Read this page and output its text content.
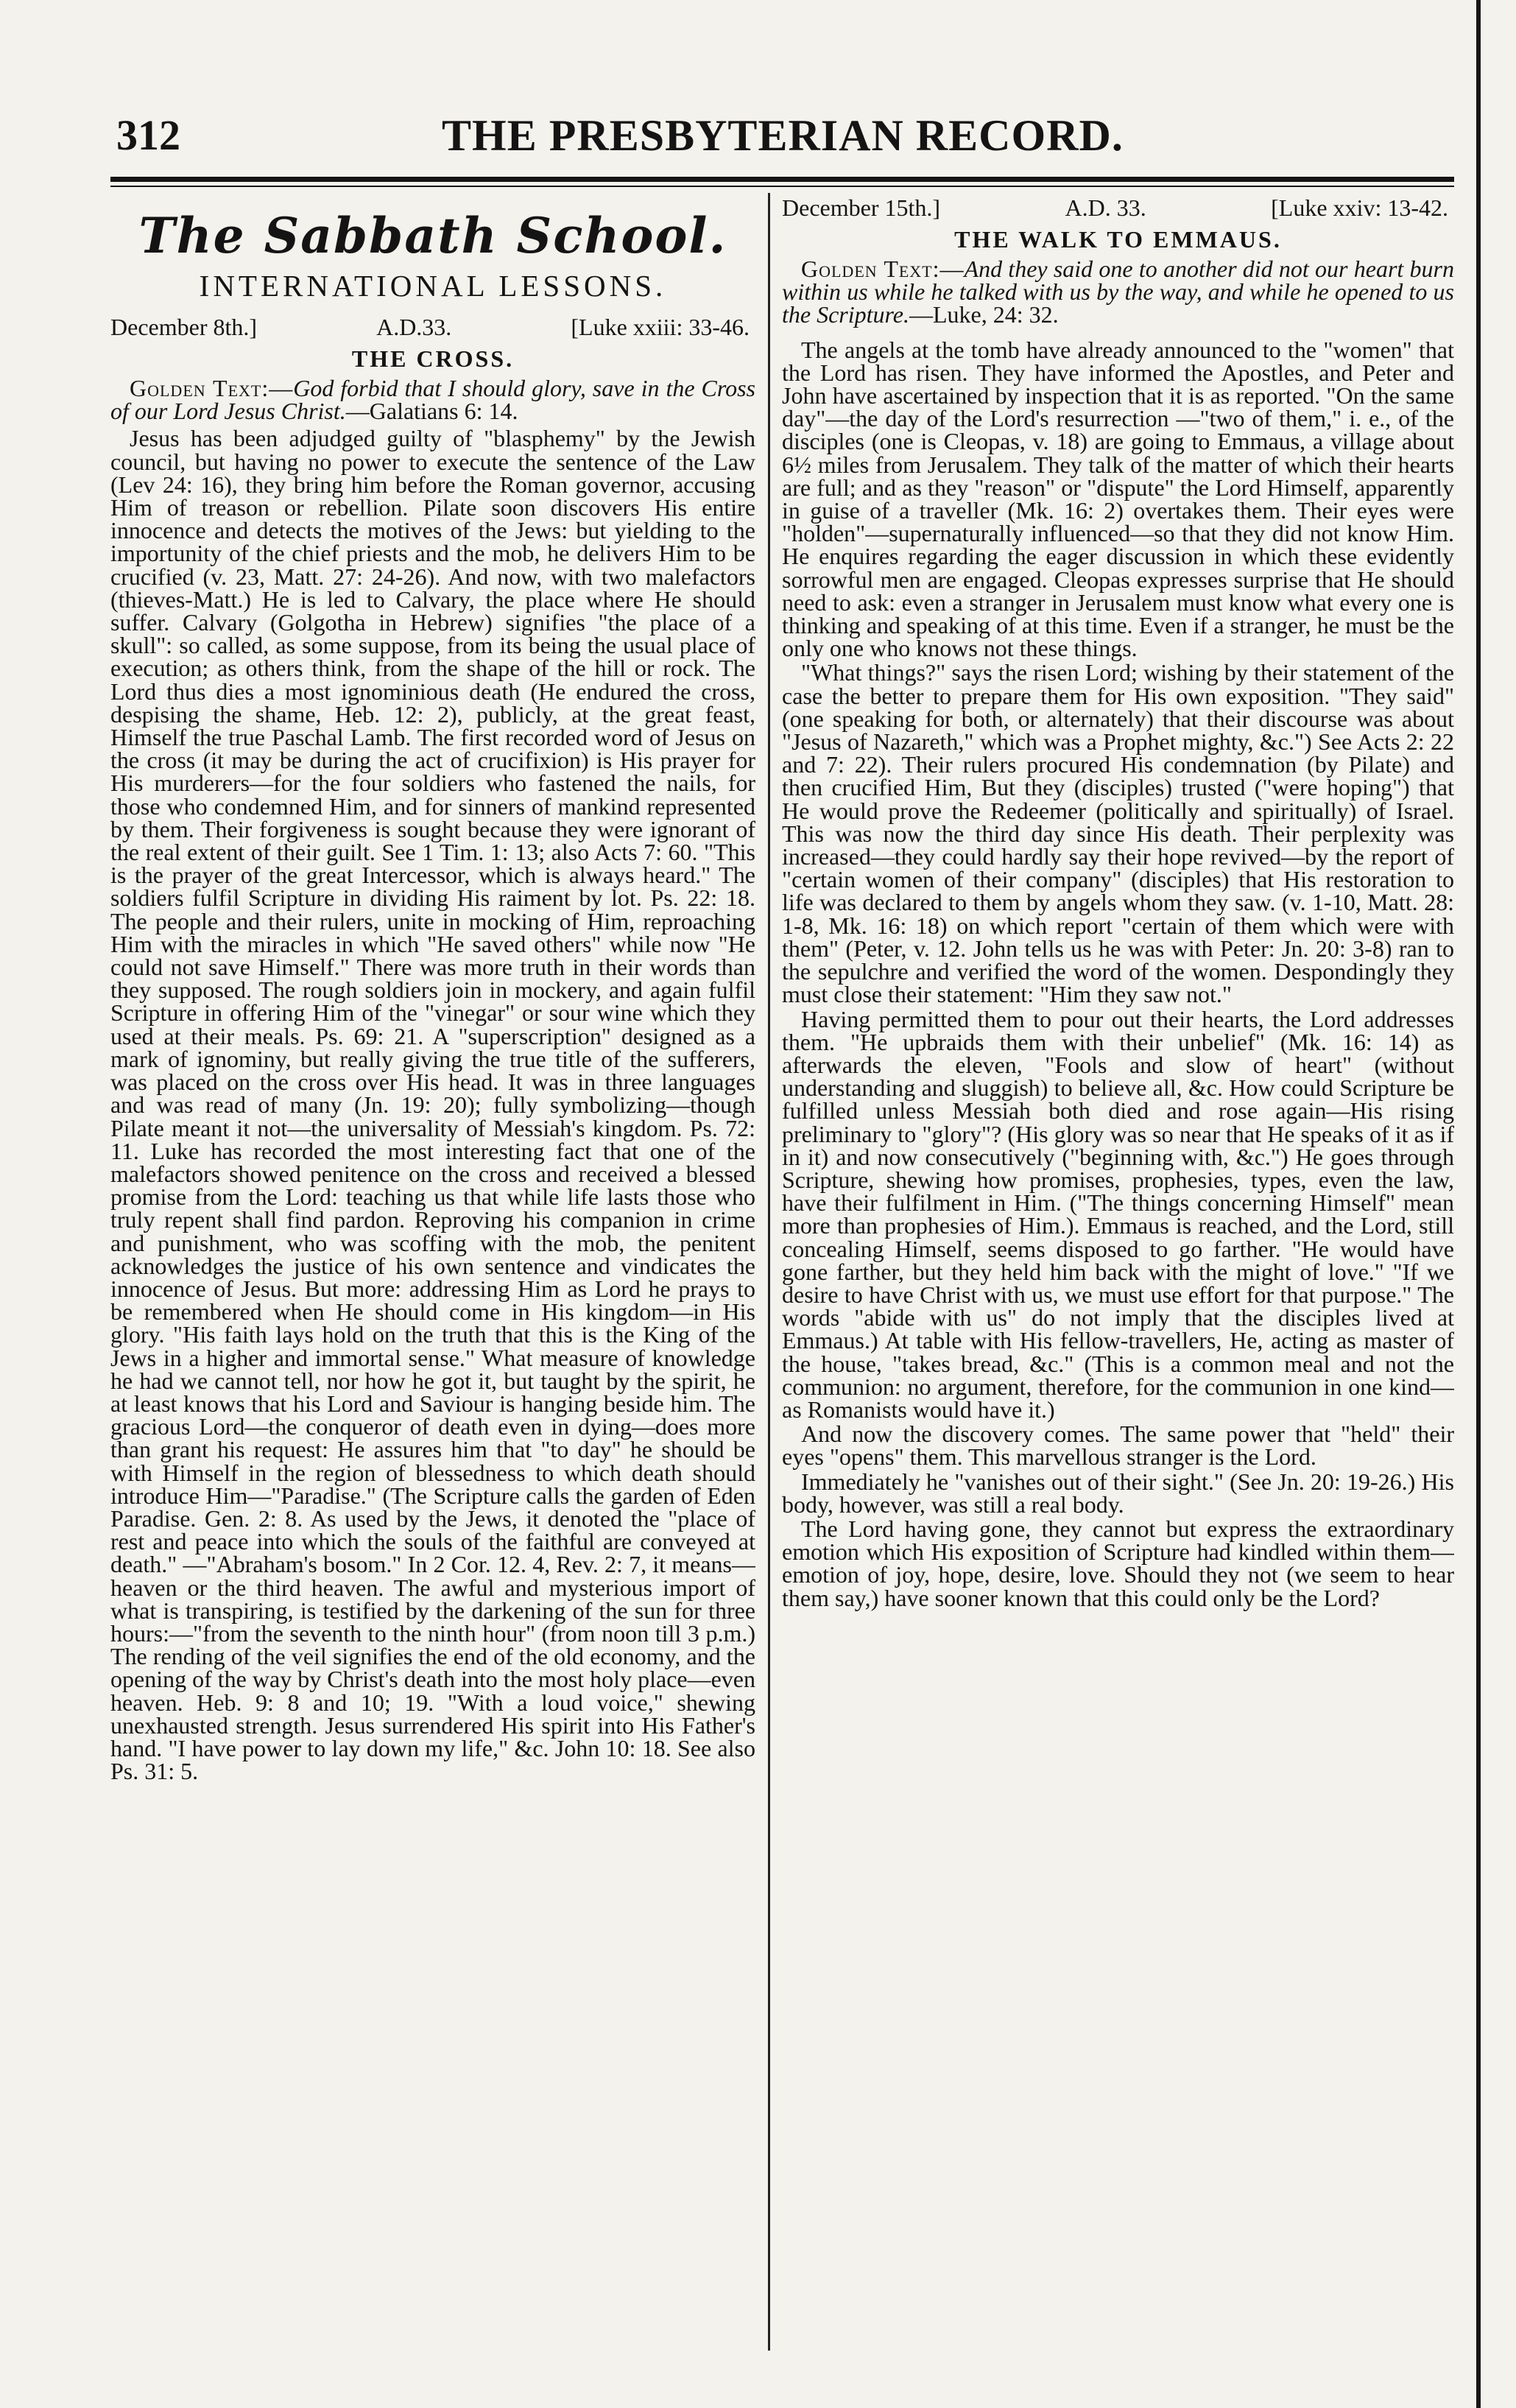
312	THE PRESBYTERIAN RECORD.
The Sabbath School.
INTERNATIONAL LESSONS.
December 8th.]	A.D.33.	[Luke xxiii: 33-46.
THE CROSS.
Golden Text:—God forbid that I should glory, save in the Cross of our Lord Jesus Christ.—Galatians 6: 14.

Jesus has been adjudged guilty of "blasphemy" by the Jewish council, but having no power to execute the sentence of the Law (Lev 24: 16), they bring him before the Roman governor, accusing Him of treason or rebellion. Pilate soon discovers His entire innocence and detects the motives of the Jews: but yielding to the importunity of the chief priests and the mob, he delivers Him to be crucified (v. 23, Matt. 27: 24-26). And now, with two malefactors (thieves-Matt.) He is led to Calvary, the place where He should suffer. Calvary (Golgotha in Hebrew) signifies "the place of a skull": so called, as some suppose, from its being the usual place of execution; as others think, from the shape of the hill or rock. The Lord thus dies a most ignominious death (He endured the cross, despising the shame, Heb. 12: 2), publicly, at the great feast, Himself the true Paschal Lamb. The first recorded word of Jesus on the cross (it may be during the act of crucifixion) is His prayer for His murderers—for the four soldiers who fastened the nails, for those who condemned Him, and for sinners of mankind represented by them. Their forgiveness is sought because they were ignorant of the real extent of their guilt. See 1 Tim. 1: 13; also Acts 7: 60. "This is the prayer of the great Intercessor, which is always heard." The soldiers fulfil Scripture in dividing His raiment by lot. Ps. 22: 18. The people and their rulers, unite in mocking of Him, reproaching Him with the miracles in which "He saved others" while now "He could not save Himself." There was more truth in their words than they supposed. The rough soldiers join in mockery, and again fulfil Scripture in offering Him of the "vinegar" or sour wine which they used at their meals. Ps. 69: 21. A "superscription" designed as a mark of ignominy, but really giving the true title of the sufferers, was placed on the cross over His head. It was in three languages and was read of many (Jn. 19: 20); fully symbolizing—though Pilate meant it not—the universality of Messiah's kingdom. Ps. 72: 11. Luke has recorded the most interesting fact that one of the malefactors showed penitence on the cross and received a blessed promise from the Lord: teaching us that while life lasts those who truly repent shall find pardon. Reproving his companion in crime and punishment, who was scoffing with the mob, the penitent acknowledges the justice of his own sentence and vindicates the innocence of Jesus. But more: addressing Him as Lord he prays to be remembered when He should come in His kingdom—in His glory. "His faith lays hold on the truth that this is the King of the Jews in a higher and immortal sense." What measure of knowledge he had we cannot tell, nor how he got it, but taught by the spirit, he at least knows that his Lord and Saviour is hanging beside him. The gracious Lord—the conqueror of death even in dying—does more than grant his request: He assures him that "to day" he should be with Himself in the region of blessedness to which death should introduce Him—"Paradise." (The Scripture calls the garden of Eden Paradise. Gen. 2: 8. As used by the Jews, it denoted the "place of rest and peace into which the souls of the faithful are conveyed at death." —"Abraham's bosom." In 2 Cor. 12. 4, Rev. 2: 7, it means—heaven or the third heaven. The awful and mysterious import of what is transpiring, is testified by the darkening of the sun for three hours:—"from the seventh to the ninth hour" (from noon till 3 p.m.) The rending of the veil signifies the end of the old economy, and the opening of the way by Christ's death into the most holy place—even heaven. Heb. 9: 8 and 10; 19. "With a loud voice," shewing unexhausted strength. Jesus surrendered His spirit into His Father's hand. "I have power to lay down my life," &c. John 10: 18. See also Ps. 31: 5.

December 15th.]	A.D. 33.	[Luke xxiv: 13-42.
THE WALK TO EMMAUS.
Golden Text:—And they said one to another did not our heart burn within us while he talked with us by the way, and while he opened to us the Scripture.—Luke, 24: 32.

The angels at the tomb have already announced to the "women" that the Lord has risen. They have informed the Apostles, and Peter and John have ascertained by inspection that it is as reported. "On the same day"—the day of the Lord's resurrection —"two of them," i. e., of the disciples (one is Cleopas, v. 18) are going to Emmaus, a village about 6½ miles from Jerusalem. They talk of the matter of which their hearts are full; and as they "reason" or "dispute" the Lord Himself, apparently in guise of a traveller (Mk. 16: 2) overtakes them. Their eyes were "holden"—supernaturally influenced—so that they did not know Him. He enquires regarding the eager discussion in which these evidently sorrowful men are engaged. Cleopas expresses surprise that He should need to ask: even a stranger in Jerusalem must know what every one is thinking and speaking of at this time. Even if a stranger, he must be the only one who knows not these things.

"What things?" says the risen Lord; wishing by their statement of the case the better to prepare them for His own exposition. "They said" (one speaking for both, or alternately) that their discourse was about "Jesus of Nazareth," which was a Prophet mighty, &c.") See Acts 2: 22 and 7: 22). Their rulers procured His condemnation (by Pilate) and then crucified Him, But they (disciples) trusted ("were hoping") that He would prove the Redeemer (politically and spiritually) of Israel. This was now the third day since His death. Their perplexity was increased—they could hardly say their hope revived—by the report of "certain women of their company" (disciples) that His restoration to life was declared to them by angels whom they saw. (v. 1-10, Matt. 28: 1-8, Mk. 16: 18) on which report "certain of them which were with them" (Peter, v. 12. John tells us he was with Peter: Jn. 20: 3-8) ran to the sepulchre and verified the word of the women. Despondingly they must close their statement: "Him they saw not."

Having permitted them to pour out their hearts, the Lord addresses them. "He upbraids them with their unbelief" (Mk. 16: 14) as afterwards the eleven, "Fools and slow of heart" (without understanding and sluggish) to believe all, &c. How could Scripture be fulfilled unless Messiah both died and rose again—His rising preliminary to "glory"? (His glory was so near that He speaks of it as if in it) and now consecutively ("beginning with, &c.") He goes through Scripture, shewing how promises, prophesies, types, even the law, have their fulfilment in Him. ("The things concerning Himself" mean more than prophesies of Him.). Emmaus is reached, and the Lord, still concealing Himself, seems disposed to go farther. "He would have gone farther, but they held him back with the might of love." "If we desire to have Christ with us, we must use effort for that purpose." The words "abide with us" do not imply that the disciples lived at Emmaus.) At table with His fellow-travellers, He, acting as master of the house, "takes bread, &c." (This is a common meal and not the communion: no argument, therefore, for the communion in one kind—as Romanists would have it.)

And now the discovery comes. The same power that "held" their eyes "opens" them. This marvellous stranger is the Lord.

Immediately he "vanishes out of their sight." (See Jn. 20: 19-26.) His body, however, was still a real body.

The Lord having gone, they cannot but express the extraordinary emotion which His exposition of Scripture had kindled within them—emotion of joy, hope, desire, love. Should they not (we seem to hear them say,) have sooner known that this could only be the Lord?
